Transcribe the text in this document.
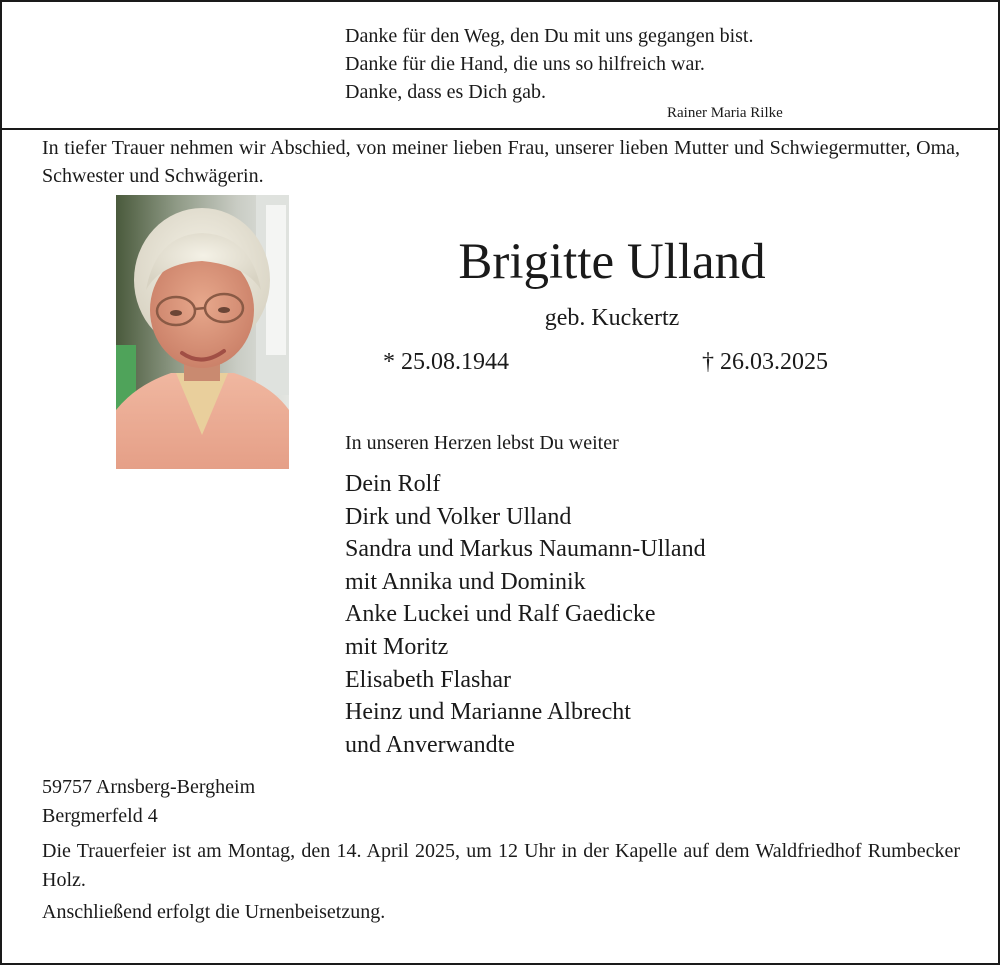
Danke für den Weg, den Du mit uns gegangen bist.
Danke für die Hand, die uns so hilfreich war.
Danke, dass es Dich gab.
Rainer Maria Rilke
In tiefer Trauer nehmen wir Abschied, von meiner lieben Frau, unserer lieben Mutter und Schwiegermutter, Oma, Schwester und Schwägerin.
Brigitte Ulland
geb. Kuckertz
* 25.08.1944	† 26.03.2025
In unseren Herzen lebst Du weiter
Dein Rolf
Dirk und Volker Ulland
Sandra und Markus Naumann-Ulland
mit Annika und Dominik
Anke Luckei und Ralf Gaedicke
mit Moritz
Elisabeth Flashar
Heinz und Marianne Albrecht
und Anverwandte
59757 Arnsberg-Bergheim
Bergmerfeld 4
Die Trauerfeier ist am Montag, den 14. April 2025, um 12 Uhr in der Kapelle auf dem Waldfriedhof Rumbecker Holz.
Anschließend erfolgt die Urnenbeisetzung.
